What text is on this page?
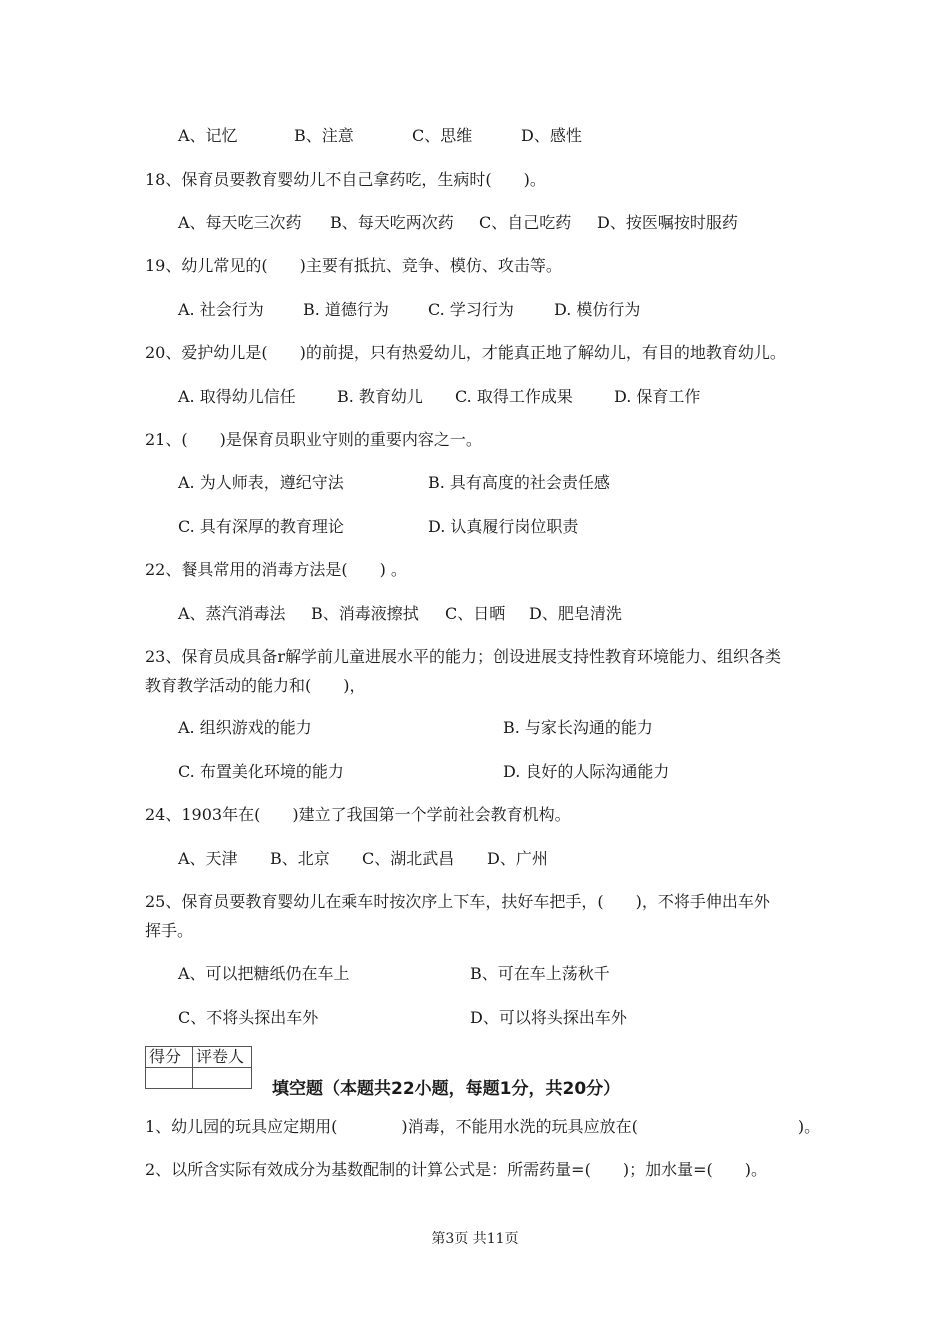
A、记忆	B、注意	C、思维	D、感性
18、保育员要教育婴幼儿不自己拿药吃，生病时(　　)。
A、每天吃三次药 B、每天吃两次药 C、自己吃药 D、按医嘱按时服药
19、幼儿常见的(　　)主要有抵抗、竞争、模仿、攻击等。
A. 社会行为 B. 道德行为 C. 学习行为	D. 模仿行为
20、爱护幼儿是(　　)的前提，只有热爱幼儿，才能真正地了解幼儿，有目的地教育幼儿。
A. 取得幼儿信任	B. 教育幼儿 C. 取得工作成果	D. 保育工作
21、(　　)是保育员职业守则的重要内容之一。
A. 为人师表，遵纪守法	B. 具有高度的社会责任感
C. 具有深厚的教育理论	D. 认真履行岗位职责
22、餐具常用的消毒方法是(　　) 。
A、蒸汽消毒法 B、消毒液擦拭 C、日晒 D、肥皂清洗
23、保育员成具备r解学前儿童进展水平的能力；创设进展支持性教育环境能力、组织各类
教育教学活动的能力和(　　)，
A. 组织游戏的能力	B. 与家长沟通的能力
C. 布置美化环境的能力	D. 良好的人际沟通能力
24、1903年在(　　)建立了我国第一个学前社会教育机构。
A、天津 B、北京 C、湖北武昌 D、广州
25、保育员要教育婴幼儿在乘车时按次序上下车，扶好车把手，(　　)，不将手伸出车外
挥手。
A、可以把糖纸仍在车上	B、可在车上荡秋千
C、不将头探出车外	D、可以将头探出车外
1、幼儿园的玩具应定期用(　　　　)消毒，不能用水洗的玩具应放在(　　　　　　　　　　)。
2、以所含实际有效成分为基数配制的计算公式是：所需药量=(　　)；加水量=(　　)。
得分	评卷人

填空题（本题共22小题，每题1分，共20分）
第3页 共11页
